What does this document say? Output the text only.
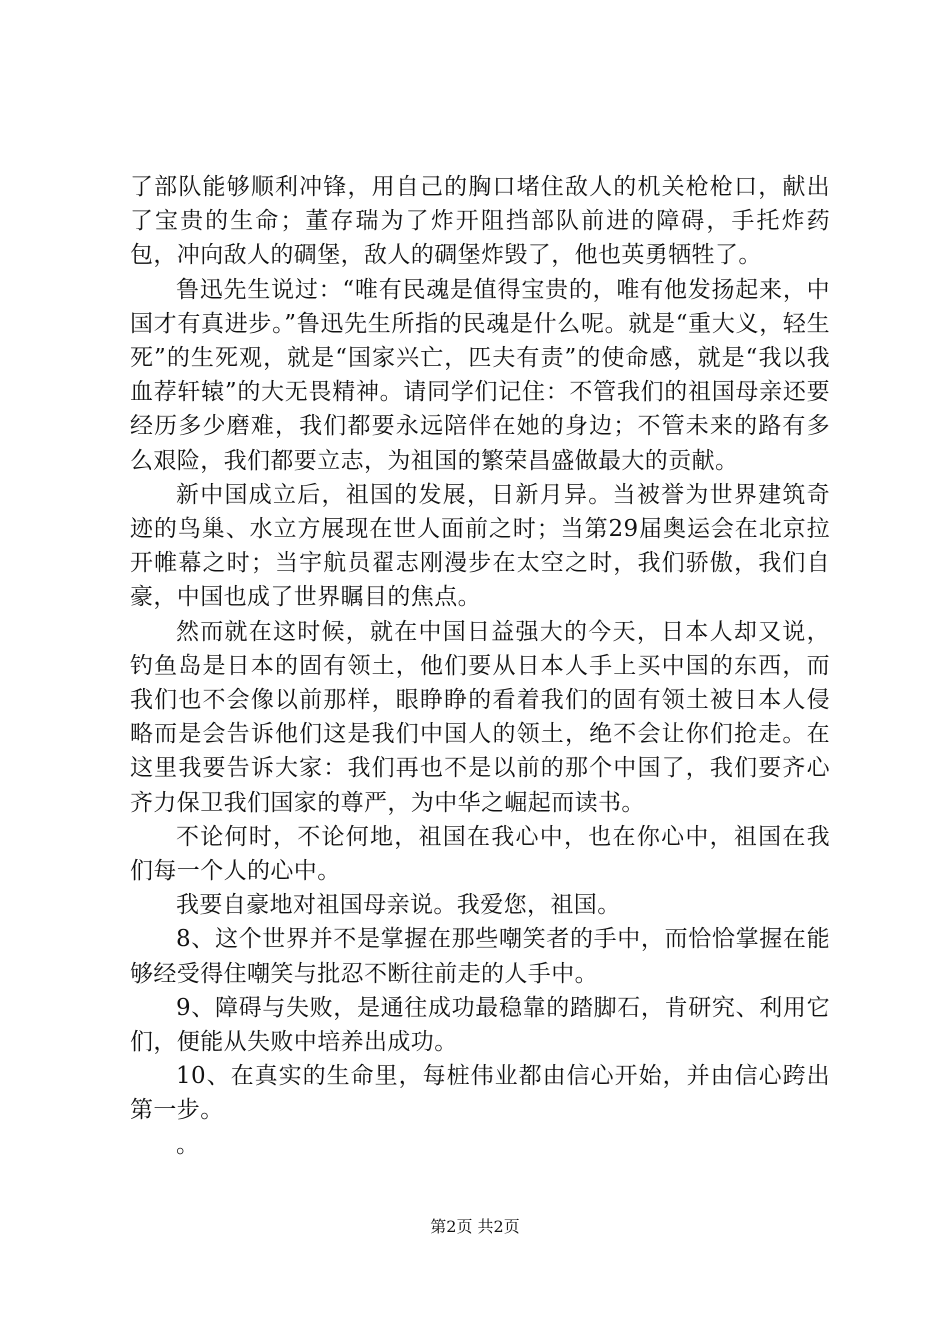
了部队能够顺利冲锋，用自己的胸口堵住敌人的机关枪枪口，献出了宝贵的生命；董存瑞为了炸开阻挡部队前进的障碍，手托炸药包，冲向敌人的碉堡，敌人的碉堡炸毁了，他也英勇牺牲了。

鲁迅先生说过：“唯有民魂是值得宝贵的，唯有他发扬起来，中国才有真进步。”鲁迅先生所指的民魂是什么呢。就是“重大义，轻生死”的生死观，就是“国家兴亡，匹夫有责”的使命感，就是“我以我血荐轩辕”的大无畏精神。请同学们记住：不管我们的祖国母亲还要经历多少磨难，我们都要永远陪伴在她的身边；不管未来的路有多么艰险，我们都要立志，为祖国的繁荣昌盛做最大的贡献。

新中国成立后，祖国的发展，日新月异。当被誉为世界建筑奇迹的鸟巢、水立方展现在世人面前之时；当第29届奥运会在北京拉开帷幕之时；当宇航员翟志刚漫步在太空之时，我们骄傲，我们自豪，中国也成了世界瞩目的焦点。

然而就在这时候，就在中国日益强大的今天，日本人却又说，钓鱼岛是日本的固有领土，他们要从日本人手上买中国的东西，而我们也不会像以前那样，眼睁睁的看着我们的固有领土被日本人侵略而是会告诉他们这是我们中国人的领土，绝不会让你们抢走。在这里我要告诉大家：我们再也不是以前的那个中国了，我们要齐心齐力保卫我们国家的尊严，为中华之崛起而读书。

不论何时，不论何地，祖国在我心中，也在你心中，祖国在我们每一个人的心中。

我要自豪地对祖国母亲说。我爱您，祖国。

8、这个世界并不是掌握在那些嘲笑者的手中，而恰恰掌握在能够经受得住嘲笑与批忍不断往前走的人手中。

9、障碍与失败，是通往成功最稳靠的踏脚石，肯研究、利用它们，便能从失败中培养出成功。

10、在真实的生命里，每桩伟业都由信心开始，并由信心跨出第一步。

。

第2页 共2页
